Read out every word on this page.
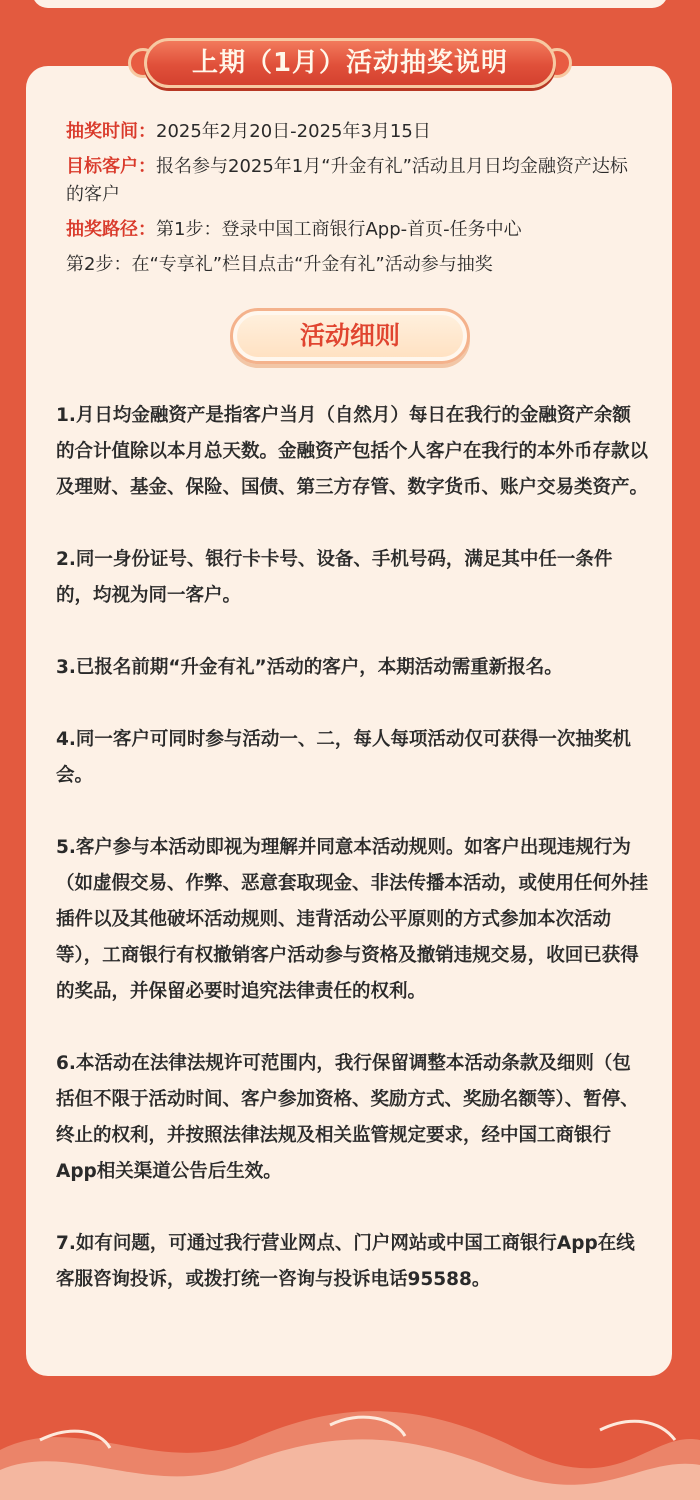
上期（1月）活动抽奖说明

抽奖时间：2025年2月20日-2025年3月15日

目标客户：报名参与2025年1月“升金有礼”活动且月日均金融资产达标的客户

抽奖路径：第1步：登录中国工商银行App-首页-任务中心

第2步：在“专享礼”栏目点击“升金有礼”活动参与抽奖

活动细则

1.月日均金融资产是指客户当月（自然月）每日在我行的金融资产余额的合计值除以本月总天数。金融资产包括个人客户在我行的本外币存款以及理财、基金、保险、国债、第三方存管、数字货币、账户交易类资产。

2.同一身份证号、银行卡卡号、设备、手机号码，满足其中任一条件的，均视为同一客户。

3.已报名前期“升金有礼”活动的客户，本期活动需重新报名。

4.同一客户可同时参与活动一、二，每人每项活动仅可获得一次抽奖机会。

5.客户参与本活动即视为理解并同意本活动规则。如客户出现违规行为（如虚假交易、作弊、恶意套取现金、非法传播本活动，或使用任何外挂插件以及其他破坏活动规则、违背活动公平原则的方式参加本次活动等），工商银行有权撤销客户活动参与资格及撤销违规交易，收回已获得的奖品，并保留必要时追究法律责任的权利。

6.本活动在法律法规许可范围内，我行保留调整本活动条款及细则（包括但不限于活动时间、客户参加资格、奖励方式、奖励名额等）、暂停、终止的权利，并按照法律法规及相关监管规定要求，经中国工商银行App相关渠道公告后生效。

7.如有问题，可通过我行营业网点、门户网站或中国工商银行App在线客服咨询投诉，或拨打统一咨询与投诉电话95588。
